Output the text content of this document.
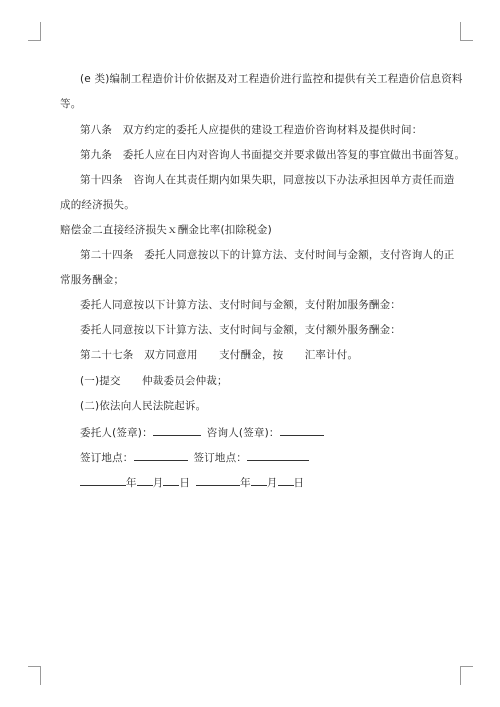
(e 类)编制工程造价计价依据及对工程造价进行监控和提供有关工程造价信息资料
等。
第八条　双方约定的委托人应提供的建设工程造价咨询材料及提供时间：
第九条　委托人应在日内对咨询人书面提交并要求做出答复的事宜做出书面答复。
第十四条　咨询人在其责任期内如果失职，同意按以下办法承担因单方责任而造
成的经济损失。
赔偿金二直接经济损失ｘ酬金比率(扣除税金)
第二十四条　委托人同意按以下的计算方法、支付时间与金额，支付咨询人的正
常服务酬金；
委托人同意按以下计算方法、支付时间与金额，支付附加服务酬金：
委托人同意按以下计算方法、支付时间与金额，支付额外服务酬金：
第二十七条　双方同意用　　支付酬金，按　　汇率计付。
(一)提交　　仲裁委员会仲裁；
(二)依法向人民法院起诉。
委托人(签章)：	咨询人(签章)：
签订地点：	签订地点：
年 月 日	年 月 日
